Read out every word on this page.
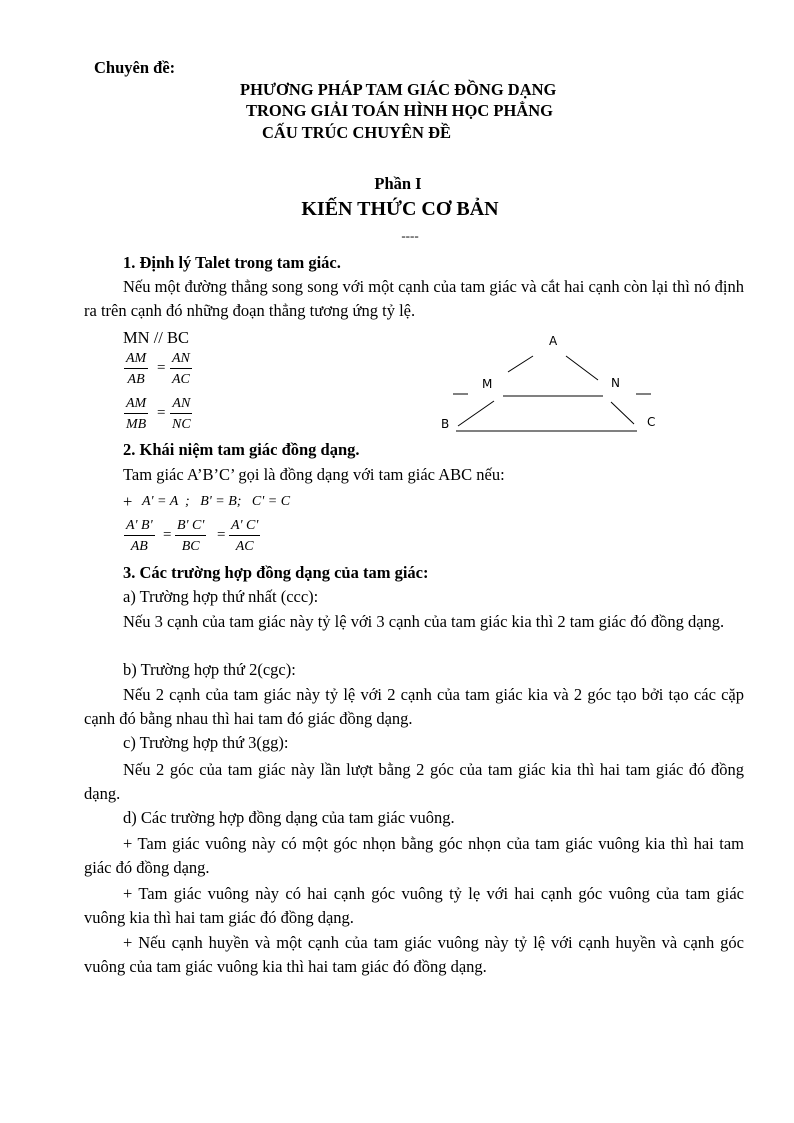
Chuyên đề:
PHƯƠNG PHÁP TAM GIÁC ĐỒNG DẠNG
TRONG GIẢI TOÁN HÌNH HỌC PHẲNG
CẤU TRÚC CHUYÊN ĐỀ
Phần I
KIẾN THỨC CƠ BẢN
----
1. Định lý Talet trong tam giác.
Nếu một đường thẳng song song với một cạnh của tam giác và cắt hai cạnh còn lại thì nó định ra trên cạnh đó những đoạn thẳng tương ứng tỷ lệ.
MN // BC
$\frac{AM}{AB} = \frac{AN}{AC}$
$\frac{AM}{MB} = \frac{AN}{NC}$
A
M	N
B	C
2. Khái niệm tam giác đồng dạng.
Tam giác A’B’C’ gọi là đồng dạng với tam giác ABC nếu:
+ A' = A  ;   B' = B;   C' = C
$\frac{A' B'}{AB} = \frac{B' C'}{BC} = \frac{A' C'}{AC}$
3. Các trường hợp đồng dạng của tam giác:
a) Trường hợp thứ nhất (ccc):
Nếu 3 cạnh của tam giác này tỷ lệ với 3 cạnh của tam giác kia thì 2 tam giác đó đồng dạng.
b) Trường hợp thứ 2(cgc):
Nếu 2 cạnh của tam giác này tỷ lệ với 2 cạnh của tam giác kia và 2 góc tạo bởi tạo các cặp cạnh đó bằng nhau thì hai tam đó giác đồng dạng.
c) Trường hợp thứ 3(gg):
Nếu 2 góc của tam giác này lần lượt bằng 2 góc của tam giác kia thì hai tam giác đó đồng dạng.
d) Các trường hợp đồng dạng của tam giác vuông.
+ Tam giác vuông này có một góc nhọn bằng góc nhọn của tam giác vuông kia thì hai tam giác đó đồng dạng.
+ Tam giác vuông này có hai cạnh góc vuông tỷ lẹ với hai cạnh góc vuông của tam giác vuông kia thì hai tam giác đó đồng dạng.
+ Nếu cạnh huyền và một cạnh của tam giác vuông này tỷ lệ với cạnh huyền và cạnh góc vuông của tam giác vuông kia thì hai tam giác đó đồng dạng.
